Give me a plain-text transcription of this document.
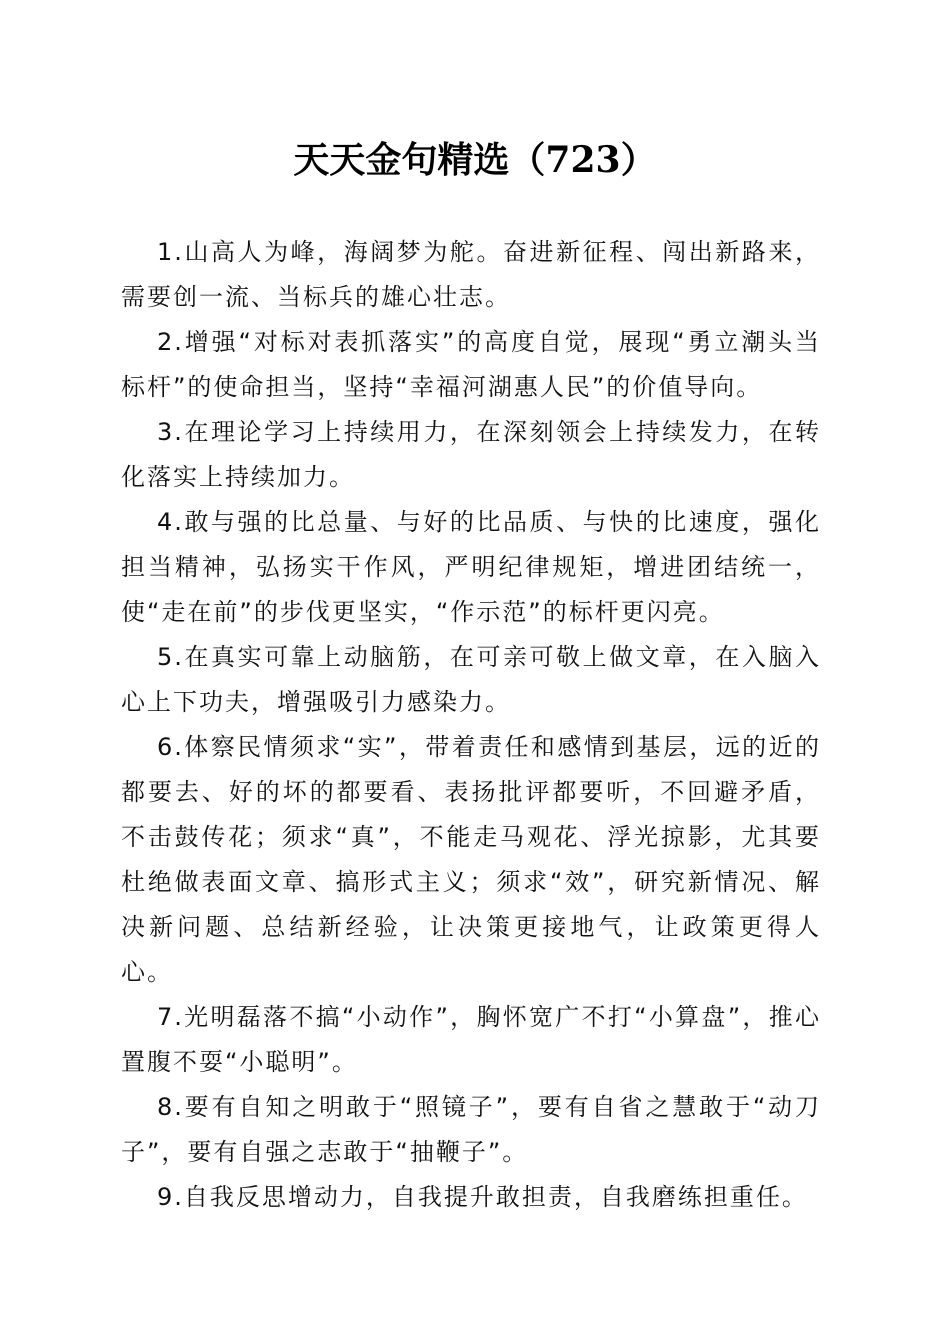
天天金句精选（723）

1.山高人为峰，海阔梦为舵。奋进新征程、闯出新路来，需要创一流、当标兵的雄心壮志。

2.增强“对标对表抓落实”的高度自觉，展现“勇立潮头当标杆”的使命担当，坚持“幸福河湖惠人民”的价值导向。

3.在理论学习上持续用力，在深刻领会上持续发力，在转化落实上持续加力。

4.敢与强的比总量、与好的比品质、与快的比速度，强化担当精神，弘扬实干作风，严明纪律规矩，增进团结统一，使“走在前”的步伐更坚实，“作示范”的标杆更闪亮。

5.在真实可靠上动脑筋，在可亲可敬上做文章，在入脑入心上下功夫，增强吸引力感染力。

6.体察民情须求“实”，带着责任和感情到基层，远的近的都要去、好的坏的都要看、表扬批评都要听，不回避矛盾，不击鼓传花；须求“真”，不能走马观花、浮光掠影，尤其要杜绝做表面文章、搞形式主义；须求“效”，研究新情况、解决新问题、总结新经验，让决策更接地气，让政策更得人心。

7.光明磊落不搞“小动作”，胸怀宽广不打“小算盘”，推心置腹不耍“小聪明”。

8.要有自知之明敢于“照镜子”，要有自省之慧敢于“动刀子”，要有自强之志敢于“抽鞭子”。

9.自我反思增动力，自我提升敢担责，自我磨练担重任。
